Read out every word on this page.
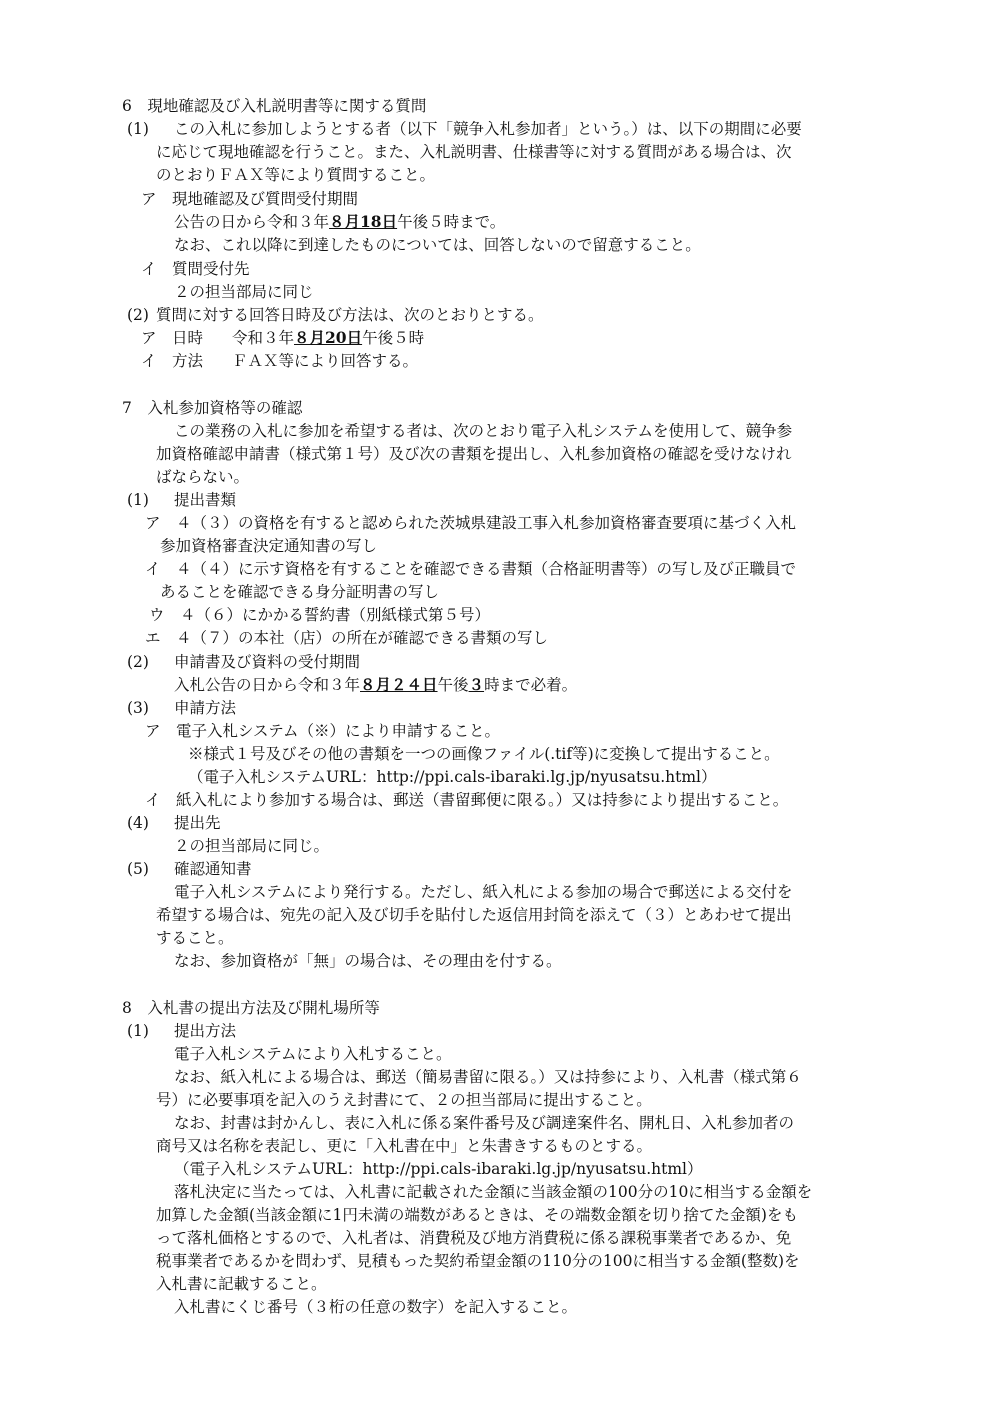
6　現地確認及び入札説明書等に関する質問
(1) この入札に参加しようとする者（以下「競争入札参加者」という。）は、以下の期間に必要
に応じて現地確認を行うこと。また、入札説明書、仕様書等に対する質問がある場合は、次
のとおりＦＡＸ等により質問すること。
ア　現地確認及び質問受付期間
公告の日から令和３年８月18日午後５時まで。
なお、これ以降に到達したものについては、回答しないので留意すること。
イ　質問受付先
２の担当部局に同じ
(2) 質問に対する回答日時及び方法は、次のとおりとする。
ア　日時 令和３年８月20日午後５時
イ　方法 ＦＡＸ等により回答する。
7　入札参加資格等の確認
この業務の入札に参加を希望する者は、次のとおり電子入札システムを使用して、競争参
加資格確認申請書（様式第１号）及び次の書類を提出し、入札参加資格の確認を受けなけれ
ばならない。
(1) 提出書類
ア　４（３）の資格を有すると認められた茨城県建設工事入札参加資格審査要項に基づく入札
参加資格審査決定通知書の写し
イ　４（４）に示す資格を有することを確認できる書類（合格証明書等）の写し及び正職員で
あることを確認できる身分証明書の写し
ウ　４（６）にかかる誓約書（別紙様式第５号）
エ　４（７）の本社（店）の所在が確認できる書類の写し
(2) 申請書及び資料の受付期間
入札公告の日から令和３年８月２４日午後３時まで必着。
(3) 申請方法
ア　電子入札システム（※）により申請すること。
※様式１号及びその他の書類を一つの画像ファイル(.tif等)に変換して提出すること。
（電子入札システムURL：http://ppi.cals-ibaraki.lg.jp/nyusatsu.html）
イ　紙入札により参加する場合は、郵送（書留郵便に限る。）又は持参により提出すること。
(4) 提出先
２の担当部局に同じ。
(5) 確認通知書
電子入札システムにより発行する。ただし、紙入札による参加の場合で郵送による交付を
希望する場合は、宛先の記入及び切手を貼付した返信用封筒を添えて（３）とあわせて提出
すること。
なお、参加資格が「無」の場合は、その理由を付する。
8　入札書の提出方法及び開札場所等
(1) 提出方法
電子入札システムにより入札すること。
なお、紙入札による場合は、郵送（簡易書留に限る。）又は持参により、入札書（様式第６
号）に必要事項を記入のうえ封書にて、２の担当部局に提出すること。
なお、封書は封かんし、表に入札に係る案件番号及び調達案件名、開札日、入札参加者の
商号又は名称を表記し、更に「入札書在中」と朱書きするものとする。
（電子入札システムURL：http://ppi.cals-ibaraki.lg.jp/nyusatsu.html）
落札決定に当たっては、入札書に記載された金額に当該金額の100分の10に相当する金額を
加算した金額(当該金額に1円未満の端数があるときは、その端数金額を切り捨てた金額)をも
って落札価格とするので、入札者は、消費税及び地方消費税に係る課税事業者であるか、免
税事業者であるかを問わず、見積もった契約希望金額の110分の100に相当する金額(整数)を
入札書に記載すること。
入札書にくじ番号（３桁の任意の数字）を記入すること。
